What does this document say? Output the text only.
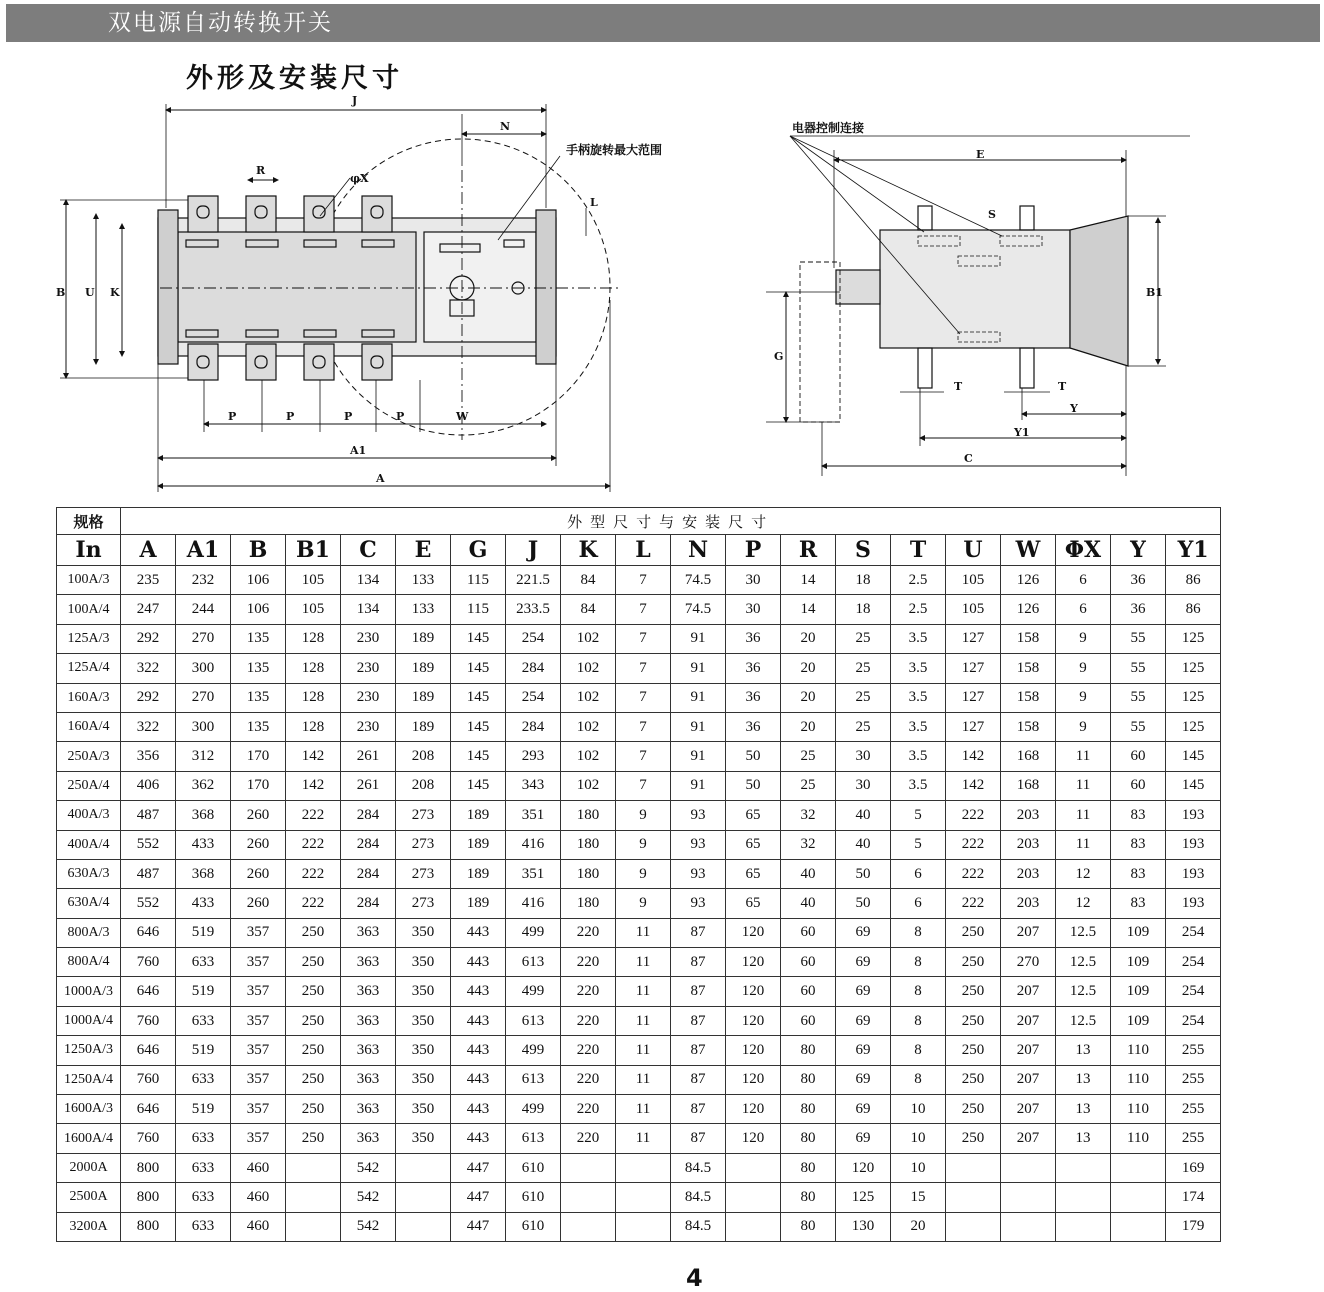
双电源自动转换开关
外形及安装尺寸
J
N
R
φX
手柄旋转最大范围
L
B U K
P	P	P	P	W
A1
A
电器控制连接
E
S
B1
G
T	T
Y
Y1
C
规格	外型尺寸与安装尺寸																			
In	A	A1	B	B1	C	E	G	J	K	L	N	P	R	S	T	U	W	ΦX	Y	Y1
100A/3	235	232	106	105	134	133	115	221.5	84	7	74.5	30	14	18	2.5	105	126	6	36	86
100A/4	247	244	106	105	134	133	115	233.5	84	7	74.5	30	14	18	2.5	105	126	6	36	86
125A/3	292	270	135	128	230	189	145	254	102	7	91	36	20	25	3.5	127	158	9	55	125
125A/4	322	300	135	128	230	189	145	284	102	7	91	36	20	25	3.5	127	158	9	55	125
160A/3	292	270	135	128	230	189	145	254	102	7	91	36	20	25	3.5	127	158	9	55	125
160A/4	322	300	135	128	230	189	145	284	102	7	91	36	20	25	3.5	127	158	9	55	125
250A/3	356	312	170	142	261	208	145	293	102	7	91	50	25	30	3.5	142	168	11	60	145
250A/4	406	362	170	142	261	208	145	343	102	7	91	50	25	30	3.5	142	168	11	60	145
400A/3	487	368	260	222	284	273	189	351	180	9	93	65	32	40	5	222	203	11	83	193
400A/4	552	433	260	222	284	273	189	416	180	9	93	65	32	40	5	222	203	11	83	193
630A/3	487	368	260	222	284	273	189	351	180	9	93	65	40	50	6	222	203	12	83	193
630A/4	552	433	260	222	284	273	189	416	180	9	93	65	40	50	6	222	203	12	83	193
800A/3	646	519	357	250	363	350	443	499	220	11	87	120	60	69	8	250	207	12.5	109	254
800A/4	760	633	357	250	363	350	443	613	220	11	87	120	60	69	8	250	270	12.5	109	254
1000A/3	646	519	357	250	363	350	443	499	220	11	87	120	60	69	8	250	207	12.5	109	254
1000A/4	760	633	357	250	363	350	443	613	220	11	87	120	60	69	8	250	207	12.5	109	254
1250A/3	646	519	357	250	363	350	443	499	220	11	87	120	80	69	8	250	207	13	110	255
1250A/4	760	633	357	250	363	350	443	613	220	11	87	120	80	69	8	250	207	13	110	255
1600A/3	646	519	357	250	363	350	443	499	220	11	87	120	80	69	10	250	207	13	110	255
1600A/4	760	633	357	250	363	350	443	613	220	11	87	120	80	69	10	250	207	13	110	255
2000A	800	633	460		542		447	610			84.5		80	120	10					169
2500A	800	633	460		542		447	610			84.5		80	125	15					174
3200A	800	633	460		542		447	610			84.5		80	130	20					179
4
